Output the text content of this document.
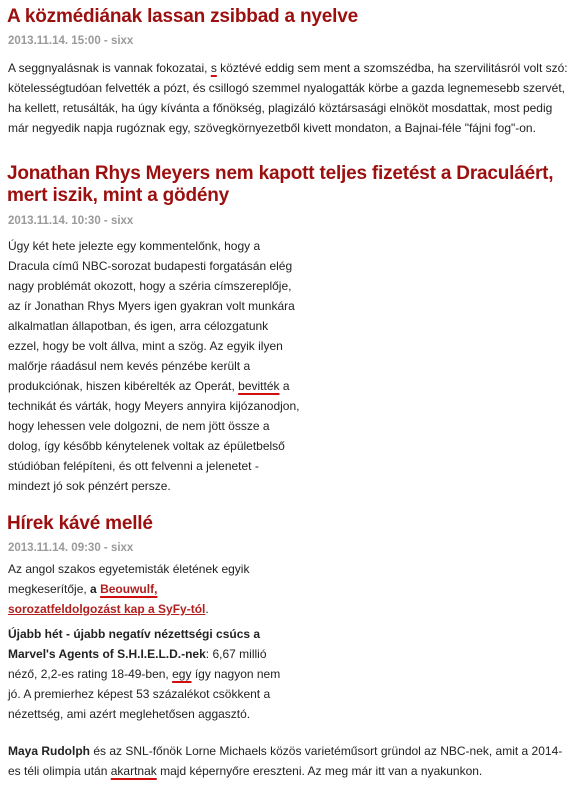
A közmédiának lassan zsibbad a nyelve
2013.11.14. 15:00 - sixx

A seggnyalásnak is vannak fokozatai, s köztévé eddig sem ment a szomszédba, ha szervilitásról volt szó: kötelességtudóan felvették a pózt, és csillogó szemmel nyalogatták körbe a gazda legnemesebb szervét, ha kellett, retusálták, ha úgy kívánta a főnökség, plagizáló köztársasági elnököt mosdattak, most pedig már negyedik napja rugóznak egy, szövegkörnyezetből kivett mondaton, a Bajnai-féle "fájni fog"-on.

Jonathan Rhys Meyers nem kapott teljes fizetést a Draculáért, mert iszik, mint a gödény
2013.11.14. 10:30 - sixx

Úgy két hete jelezte egy kommentelőnk, hogy a Dracula című NBC-sorozat budapesti forgatásán elég nagy problémát okozott, hogy a széria címszereplője, az ír Jonathan Rhys Myers igen gyakran volt munkára alkalmatlan állapotban, és igen, arra célozgatunk ezzel, hogy be volt állva, mint a szög. Az egyik ilyen malőrje ráadásul nem kevés pénzébe került a produkciónak, hiszen kibérelték az Operát, bevitték a technikát és várták, hogy Meyers annyira kijózanodjon, hogy lehessen vele dolgozni, de nem jött össze a dolog, így később kénytelenek voltak az épületbelső stúdióban felépíteni, és ott felvenni a jelenetet - mindezt jó sok pénzért persze.

Hírek kávé mellé
2013.11.14. 09:30 - sixx

Az angol szakos egyetemisták életének egyik megkeserítője, a Beouwulf, sorozatfeldolgozást kap a SyFy-tól.

Újabb hét - újabb negatív nézettségi csúcs a Marvel's Agents of S.H.I.E.L.D.-nek: 6,67 millió néző, 2,2-es rating 18-49-ben, egy így nagyon nem jó. A premierhez képest 53 százalékot csökkent a nézettség, ami azért meglehetősen aggasztó.

Maya Rudolph és az SNL-főnök Lorne Michaels közös varietéműsort gründol az NBC-nek, amit a 2014-es téli olimpia után akartnak majd képernyőre ereszteni. Az meg már itt van a nyakunkon.
